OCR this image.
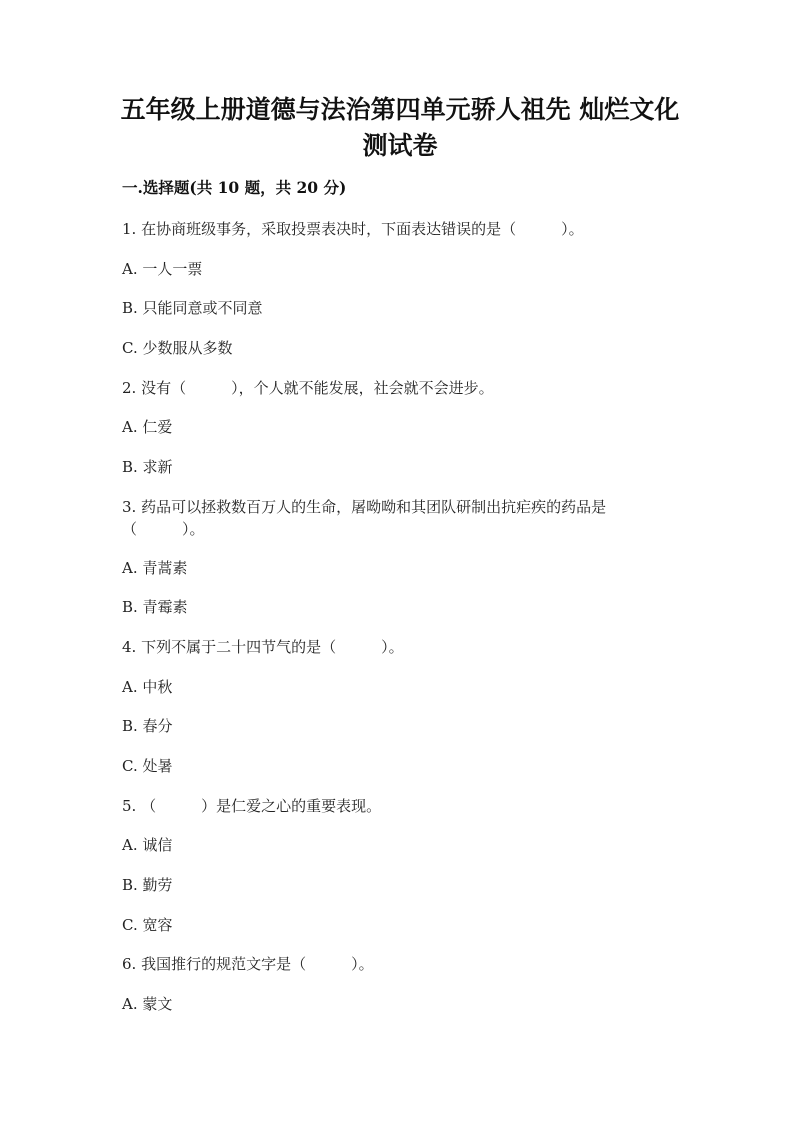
五年级上册道德与法治第四单元骄人祖先 灿烂文化
测试卷
一.选择题(共 10 题，共 20 分)
1. 在协商班级事务，采取投票表决时，下面表达错误的是（　　　）。
A. 一人一票
B. 只能同意或不同意
C. 少数服从多数
2. 没有（　　　），个人就不能发展，社会就不会进步。
A. 仁爱
B. 求新
3. 药品可以拯救数百万人的生命，屠呦呦和其团队研制出抗疟疾的药品是
（　　　）。
A. 青蒿素
B. 青霉素
4. 下列不属于二十四节气的是（　　　）。
A. 中秋
B. 春分
C. 处暑
5. （　　　）是仁爱之心的重要表现。
A. 诚信
B. 勤劳
C. 宽容
6. 我国推行的规范文字是（　　　）。
A. 蒙文
